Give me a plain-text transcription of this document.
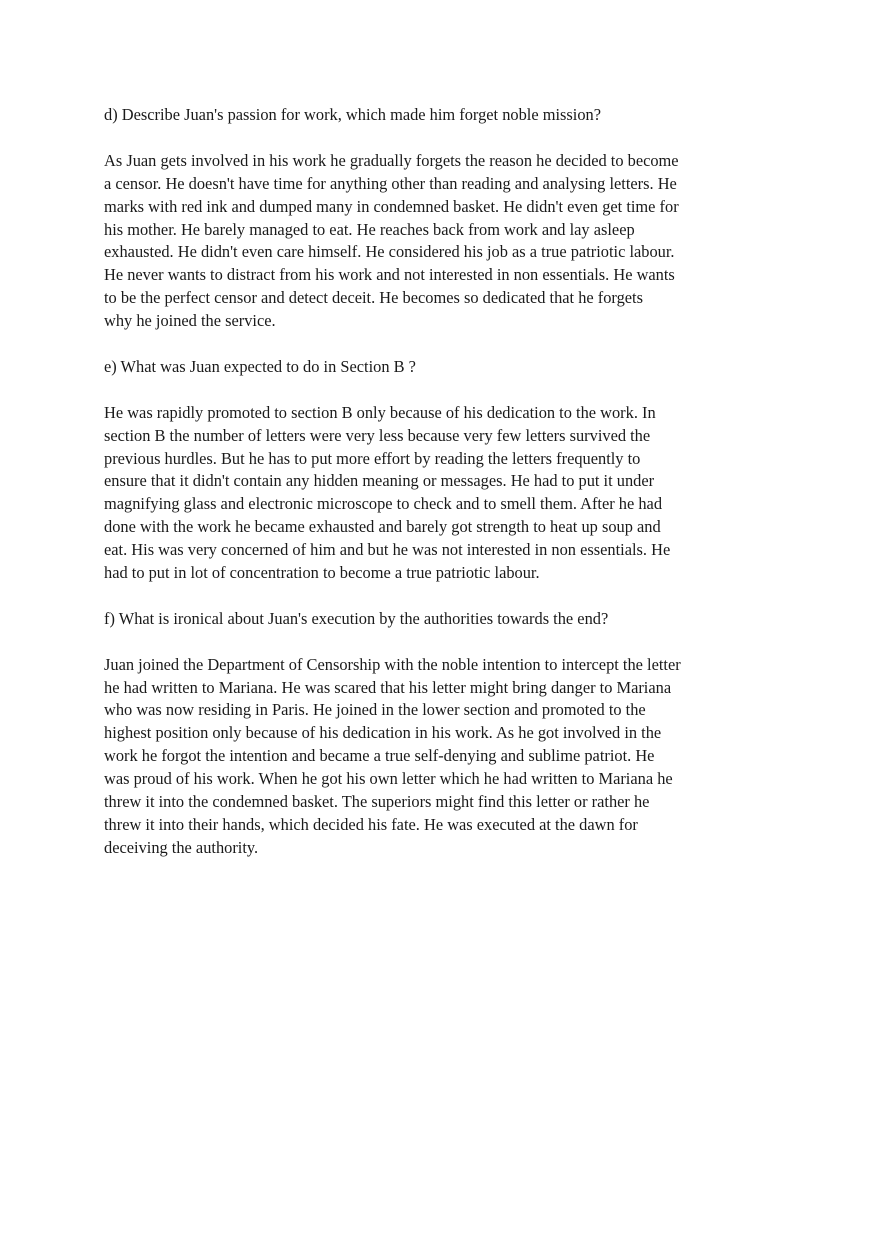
d) Describe Juan's passion for work, which made him forget noble mission?

As Juan gets involved in his work he gradually forgets the reason he decided to become
a censor. He doesn't have time for anything other than reading and analysing letters. He
marks with red ink and dumped many in condemned basket. He didn't even get time for
his mother. He barely managed to eat. He reaches back from work and lay asleep
exhausted. He didn't even care himself. He considered his job as a true patriotic labour.
He never wants to distract from his work and not interested in non essentials. He wants
to be the perfect censor and detect deceit. He becomes so dedicated that he forgets
why he joined the service.

e) What was Juan expected to do in Section B ?

He was rapidly promoted to section B only because of his dedication to the work. In
section B the number of letters were very less because very few letters survived the
previous hurdles. But he has to put more effort by reading the letters frequently to
ensure that it didn't contain any hidden meaning or messages. He had to put it under
magnifying glass and electronic microscope to check and to smell them. After he had
done with the work he became exhausted and barely got strength to heat up soup and
eat. His was very concerned of him and but he was not interested in non essentials. He
had to put in lot of concentration to become a true patriotic labour.

f) What is ironical about Juan's execution by the authorities towards the end?

Juan joined the Department of Censorship with the noble intention to intercept the letter
he had written to Mariana. He was scared that his letter might bring danger to Mariana
who was now residing in Paris. He joined in the lower section and promoted to the
highest position only because of his dedication in his work. As he got involved in the
work he forgot the intention and became a true self-denying and sublime patriot. He
was proud of his work. When he got his own letter which he had written to Mariana he
threw it into the condemned basket. The superiors might find this letter or rather he
threw it into their hands, which decided his fate. He was executed at the dawn for
deceiving the authority.
